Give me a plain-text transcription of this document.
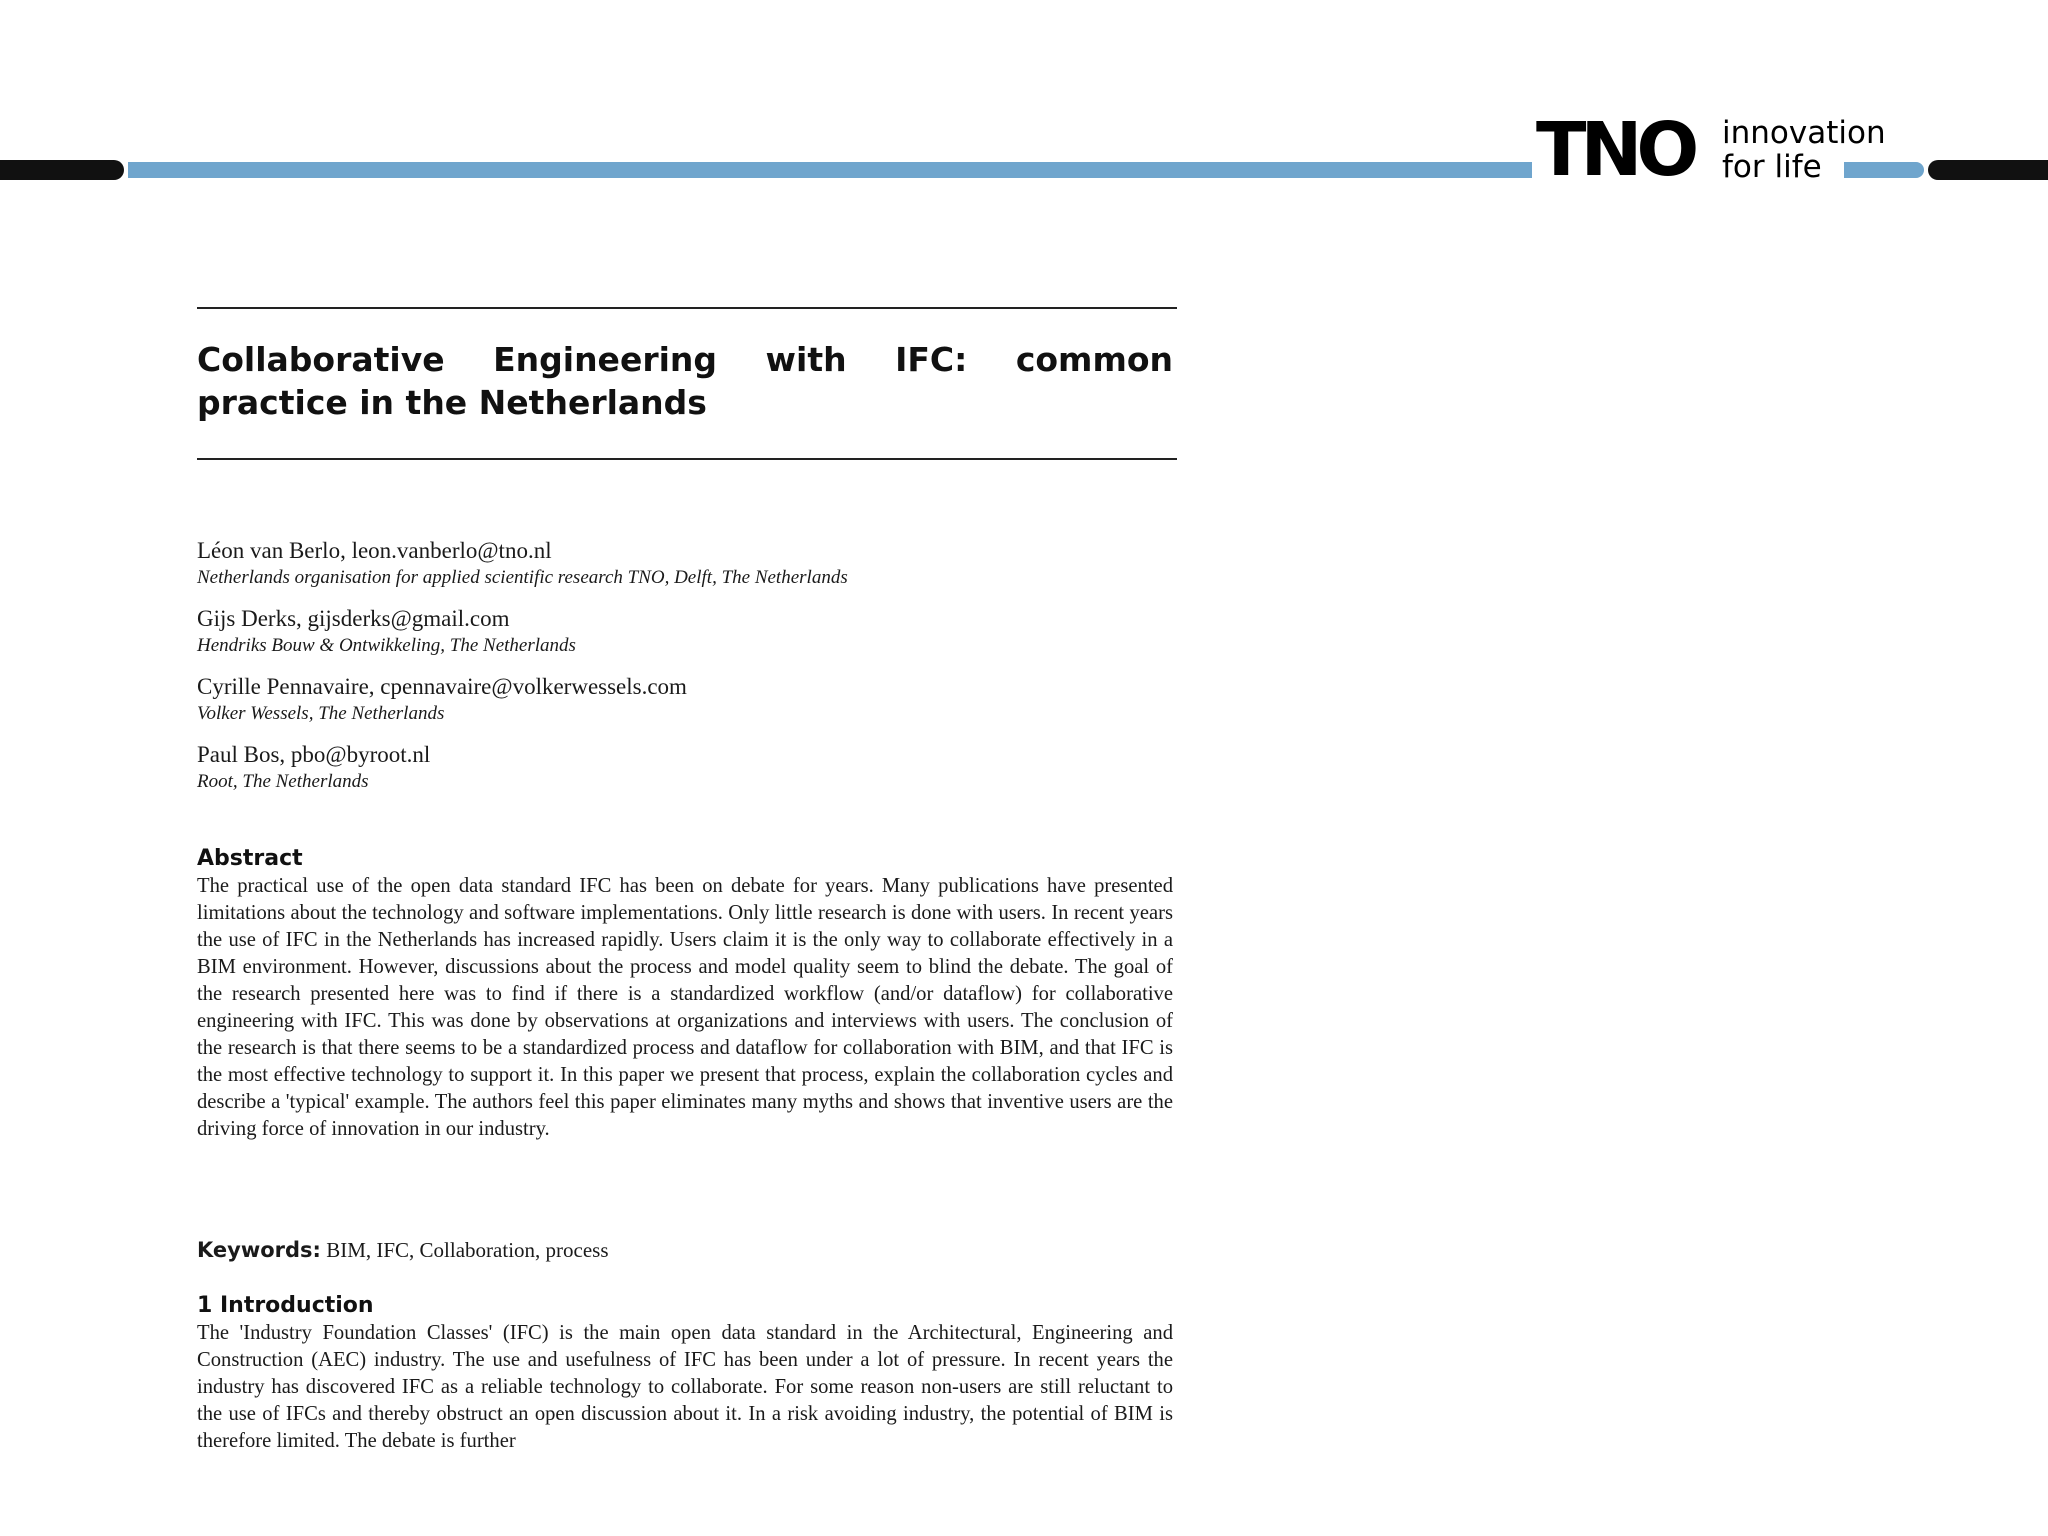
TNO innovation
for life
Collaborative Engineering with IFC: common practice in the Netherlands
Léon van Berlo, leon.vanberlo@tno.nl
Netherlands organisation for applied scientific research TNO, Delft, The Netherlands
Gijs Derks, gijsderks@gmail.com
Hendriks Bouw & Ontwikkeling, The Netherlands
Cyrille Pennavaire, cpennavaire@volkerwessels.com
Volker Wessels, The Netherlands
Paul Bos, pbo@byroot.nl
Root, The Netherlands
Abstract
The practical use of the open data standard IFC has been on debate for years. Many publications have presented limitations about the technology and software implementations. Only little research is done with users. In recent years the use of IFC in the Netherlands has increased rapidly. Users claim it is the only way to collaborate effectively in a BIM environment. However, discussions about the process and model quality seem to blind the debate. The goal of the research presented here was to find if there is a standardized workflow (and/or dataflow) for collaborative engineering with IFC. This was done by observations at organizations and interviews with users. The conclusion of the research is that there seems to be a standardized process and dataflow for collaboration with BIM, and that IFC is the most effective technology to support it. In this paper we present that process, explain the collaboration cycles and describe a 'typical' example. The authors feel this paper eliminates many myths and shows that inventive users are the driving force of innovation in our industry.
Keywords: BIM, IFC, Collaboration, process
1 Introduction
The 'Industry Foundation Classes' (IFC) is the main open data standard in the Architectural, Engineering and Construction (AEC) industry. The use and usefulness of IFC has been under a lot of pressure. In recent years the industry has discovered IFC as a reliable technology to collaborate. For some reason non-users are still reluctant to the use of IFCs and thereby obstruct an open discussion about it. In a risk avoiding industry, the potential of BIM is therefore limited. The debate is further
